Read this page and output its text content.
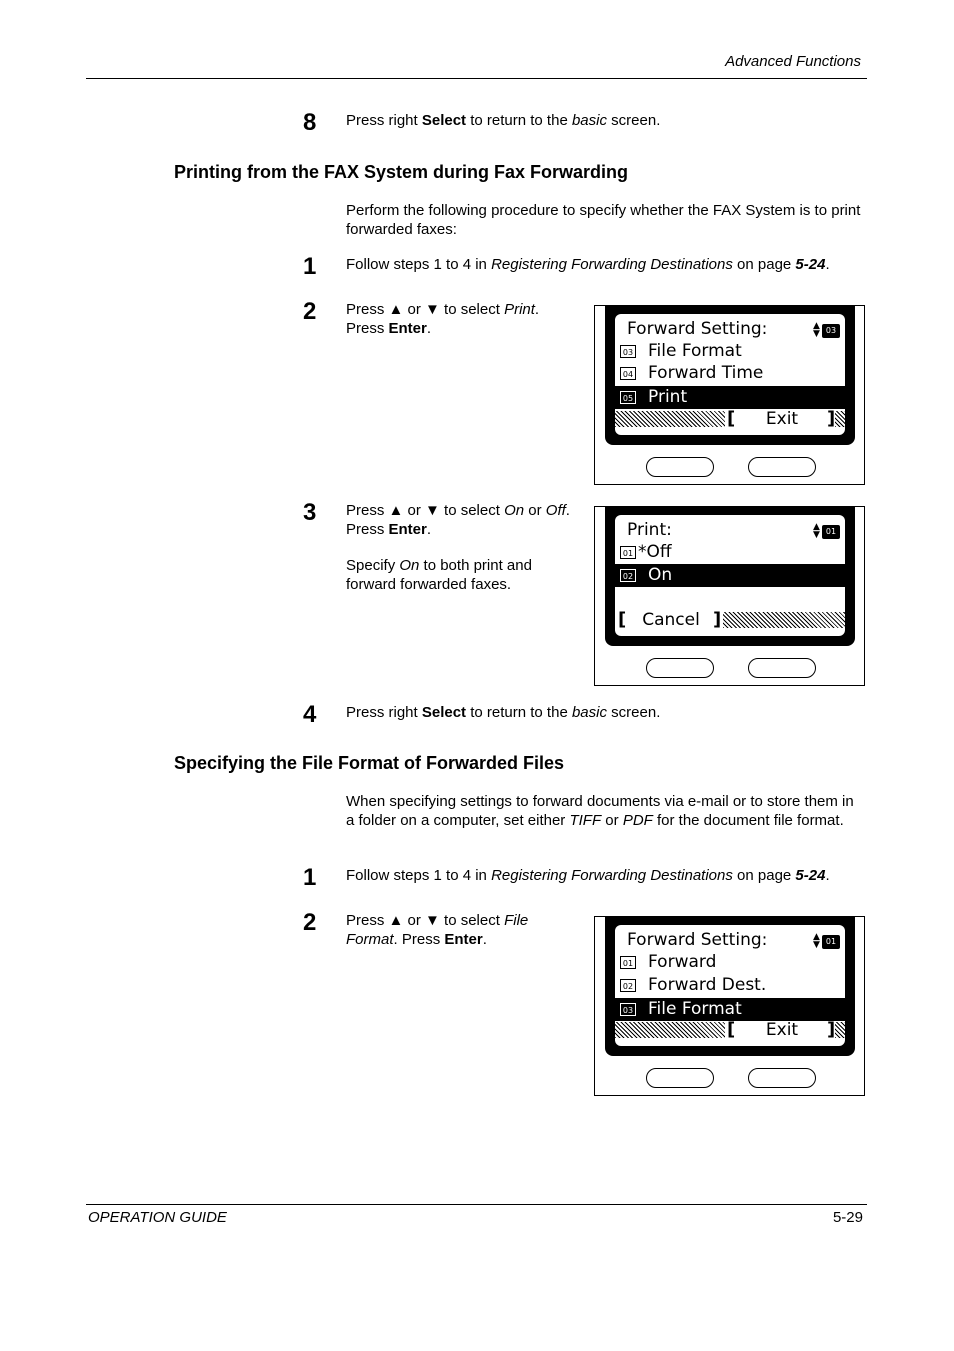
Advanced Functions
8	Press right Select to return to the basic screen.
Printing from the FAX System during Fax Forwarding
Perform the following procedure to specify whether the FAX System is to print forwarded faxes:
1	Follow steps 1 to 4 in Registering Forwarding Destinations on page 5-24.
2	Press ▲ or ▼ to select Print.
Press Enter.	Forward Setting:	▲
▼ 03
03 File Format
04 Forward Time
05 Print
[	Exit	]
3	Press ▲ or ▼ to select On or Off.
Press Enter.
Specify On to both print and forward forwarded faxes.
Print:	▲
▼ 01
01 *Off
02 On
[ Cancel ]
4	Press right Select to return to the basic screen.
Specifying the File Format of Forwarded Files
When specifying settings to forward documents via e-mail or to store them in a folder on a computer, set either TIFF or PDF for the document file format.
1	Follow steps 1 to 4 in Registering Forwarding Destinations on page 5-24.
2	Press ▲ or ▼ to select File Format. Press Enter.	Forward Setting:	▲
▼ 01
01 Forward
02 Forward Dest.
03 File Format
[	Exit	]
OPERATION GUIDE	5-29
